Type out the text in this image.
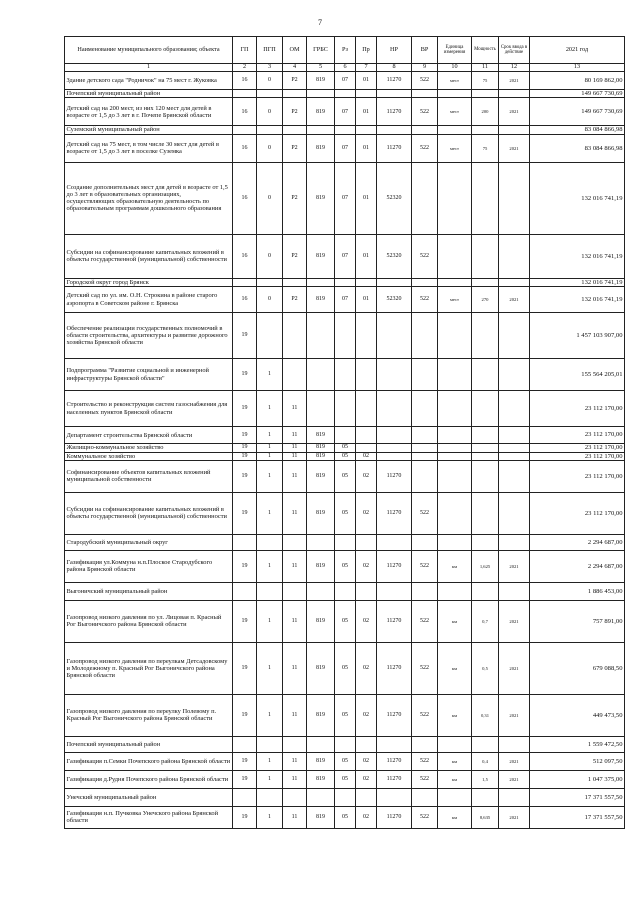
7
Наименование муниципального образования; объекта	ГП	ПГП	ОМ	ГРБС	Рз	Пр	НР	ВР	Единица измерения	Мощность	Срок ввода в действие	2021 год
1	2	3	4	5	6	7	8	9	10	11	12	13
Здание детского сада "Родничок" на 75 мест г. Жуковка	16	0	Р2	819	07	01	11270	522	мест	75	2021	80 169 862,00
Почепский муниципальный район												149 667 730,69
Детский сад на 200 мест, из них 120 мест для детей в возрасте от 1,5 до 3 лет в г. Почепе Брянской области	16	0	Р2	819	07	01	11270	522	мест	200	2021	149 667 730,69
Суземский муниципальный район												83 084 866,98
Детский сад на 75 мест, в том числе 30 мест для детей в возрасте от 1,5 до 3 лет в поселке Суземка	16	0	Р2	819	07	01	11270	522	мест	75	2021	83 084 866,98
Создание дополнительных мест для детей в возрасте от 1,5 до 3 лет в образовательных организациях, осуществляющих образовательную деятельность по образовательным программам дошкольного образования	16	0	Р2	819	07	01	52320					132 016 741,19
Субсидии на софинансирование капитальных вложений в объекты государственной (муниципальной) собственности	16	0	Р2	819	07	01	52320	522				132 016 741,19
Городской округ город Брянск												132 016 741,19
Детский сад по ул. им. О.Н. Строкина в районе старого аэропорта в Советском районе г. Брянска	16	0	Р2	819	07	01	52320	522	мест	270	2021	132 016 741,19
Обеспечение реализации государственных полномочий в области строительства, архитектуры и развитие дорожного хозяйства Брянской области	19											1 457 103 907,00
Подпрограмма "Развитие социальной и инженерной инфраструктуры Брянской области"	19	1										155 564 205,01
Строительство и реконструкция систем газоснабжения для населенных пунктов Брянской области	19	1	11									23 112 170,00
Департамент строительства Брянской области	19	1	11	819								23 112 170,00
Жилищно-коммунальное хозяйство	19	1	11	819	05							23 112 170,00
Коммунальное хозяйство	19	1	11	819	05	02						23 112 170,00
Софинансирование объектов капитальных вложений муниципальной собственности	19	1	11	819	05	02	11270					23 112 170,00
Субсидии на софинансирование капитальных вложений в объекты государственной (муниципальной) собственности	19	1	11	819	05	02	11270	522				23 112 170,00
Стародубский муниципальный округ												2 294 687,00
Газификация ул.Коммуна н.п.Плоское Стародубского района Брянской области	19	1	11	819	05	02	11270	522	км	1,625	2021	2 294 687,00
Выгоничский муниципальный район												1 886 453,00
Газопровод низкого давления по ул. Лицовая п. Красный Рог Выгоничского района Брянской области	19	1	11	819	05	02	11270	522	км	0,7	2021	757 891,00
Газопровод низкого давления по переулкам Детсадовскому и Молодежному п. Красный Рог Выгоничского района Брянской области	19	1	11	819	05	02	11270	522	км	0,5	2021	679 088,50
Газопровод низкого давления по переулку Полевому п. Красный Рог Выгоничского района Брянской области	19	1	11	819	05	02	11270	522	км	0,31	2021	449 473,50
Почепский муниципальный район												1 559 472,50
Газификация п.Семки Почепского района Брянской области	19	1	11	819	05	02	11270	522	км	0,4	2021	512 097,50
Газификация д.Рудня Почепского района Брянской области	19	1	11	819	05	02	11270	522	км	1,5	2021	1 047 375,00
Унечский муниципальный район												17 371 557,50
Газификация н.п. Пучковка Унечского района Брянской области	19	1	11	819	05	02	11270	522	км	8,635	2021	17 371 557,50
